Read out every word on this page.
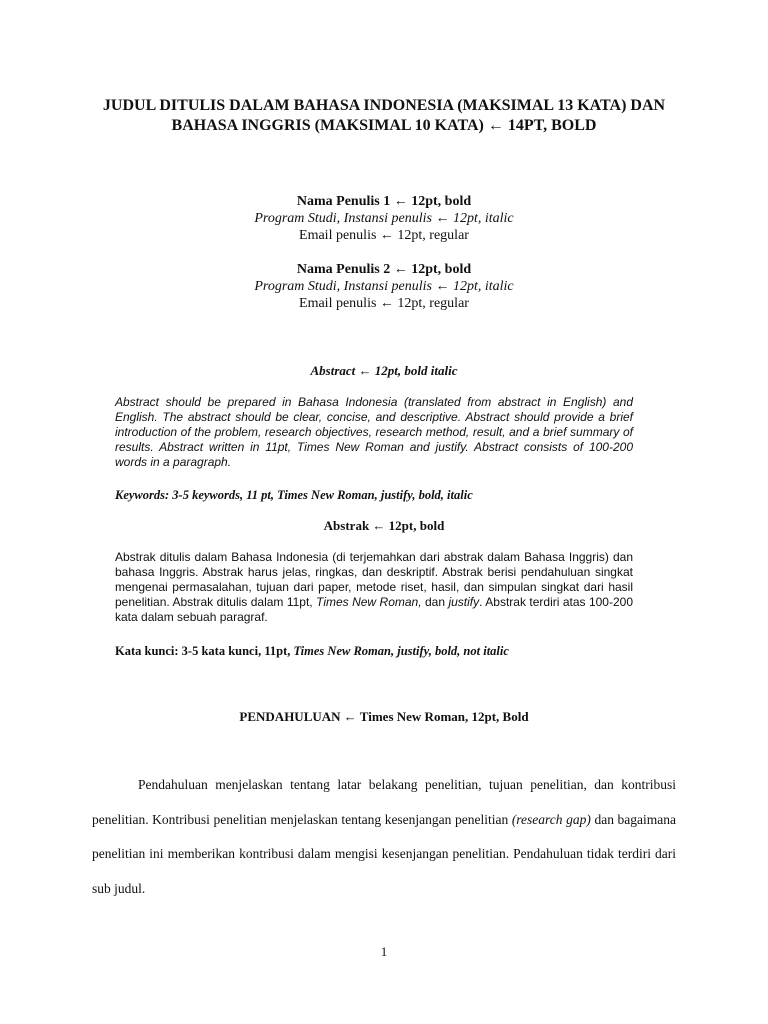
JUDUL DITULIS DALAM BAHASA INDONESIA (MAKSIMAL 13 KATA) DAN BAHASA INGGRIS (MAKSIMAL 10 KATA) ← 14PT, BOLD
Nama Penulis 1 ← 12pt, bold
Program Studi, Instansi penulis ← 12pt, italic
Email penulis ← 12pt, regular
Nama Penulis 2 ← 12pt, bold
Program Studi, Instansi penulis ← 12pt, italic
Email penulis ← 12pt, regular
Abstract ← 12pt, bold italic

Abstract should be prepared in Bahasa Indonesia (translated from abstract in English) and English. The abstract should be clear, concise, and descriptive. Abstract should provide a brief introduction of the problem, research objectives, research method, result, and a brief summary of results. Abstract written in 11pt, Times New Roman and justify. Abstract consists of 100-200 words in a paragraph.

Keywords: 3-5 keywords, 11 pt, Times New Roman, justify, bold, italic

Abstrak ← 12pt, bold

Abstrak ditulis dalam Bahasa Indonesia (di terjemahkan dari abstrak dalam Bahasa Inggris) dan bahasa Inggris. Abstrak harus jelas, ringkas, dan deskriptif. Abstrak berisi pendahuluan singkat mengenai permasalahan, tujuan dari paper, metode riset, hasil, dan simpulan singkat dari hasil penelitian. Abstrak ditulis dalam 11pt, Times New Roman, dan justify. Abstrak terdiri atas 100-200 kata dalam sebuah paragraf.

Kata kunci: 3-5 kata kunci, 11pt, Times New Roman, justify, bold, not italic

PENDAHULUAN ← Times New Roman, 12pt, Bold

Pendahuluan menjelaskan tentang latar belakang penelitian, tujuan penelitian, dan kontribusi penelitian. Kontribusi penelitian menjelaskan tentang kesenjangan penelitian (research gap) dan bagaimana penelitian ini memberikan kontribusi dalam mengisi kesenjangan penelitian. Pendahuluan tidak terdiri dari sub judul.

1
